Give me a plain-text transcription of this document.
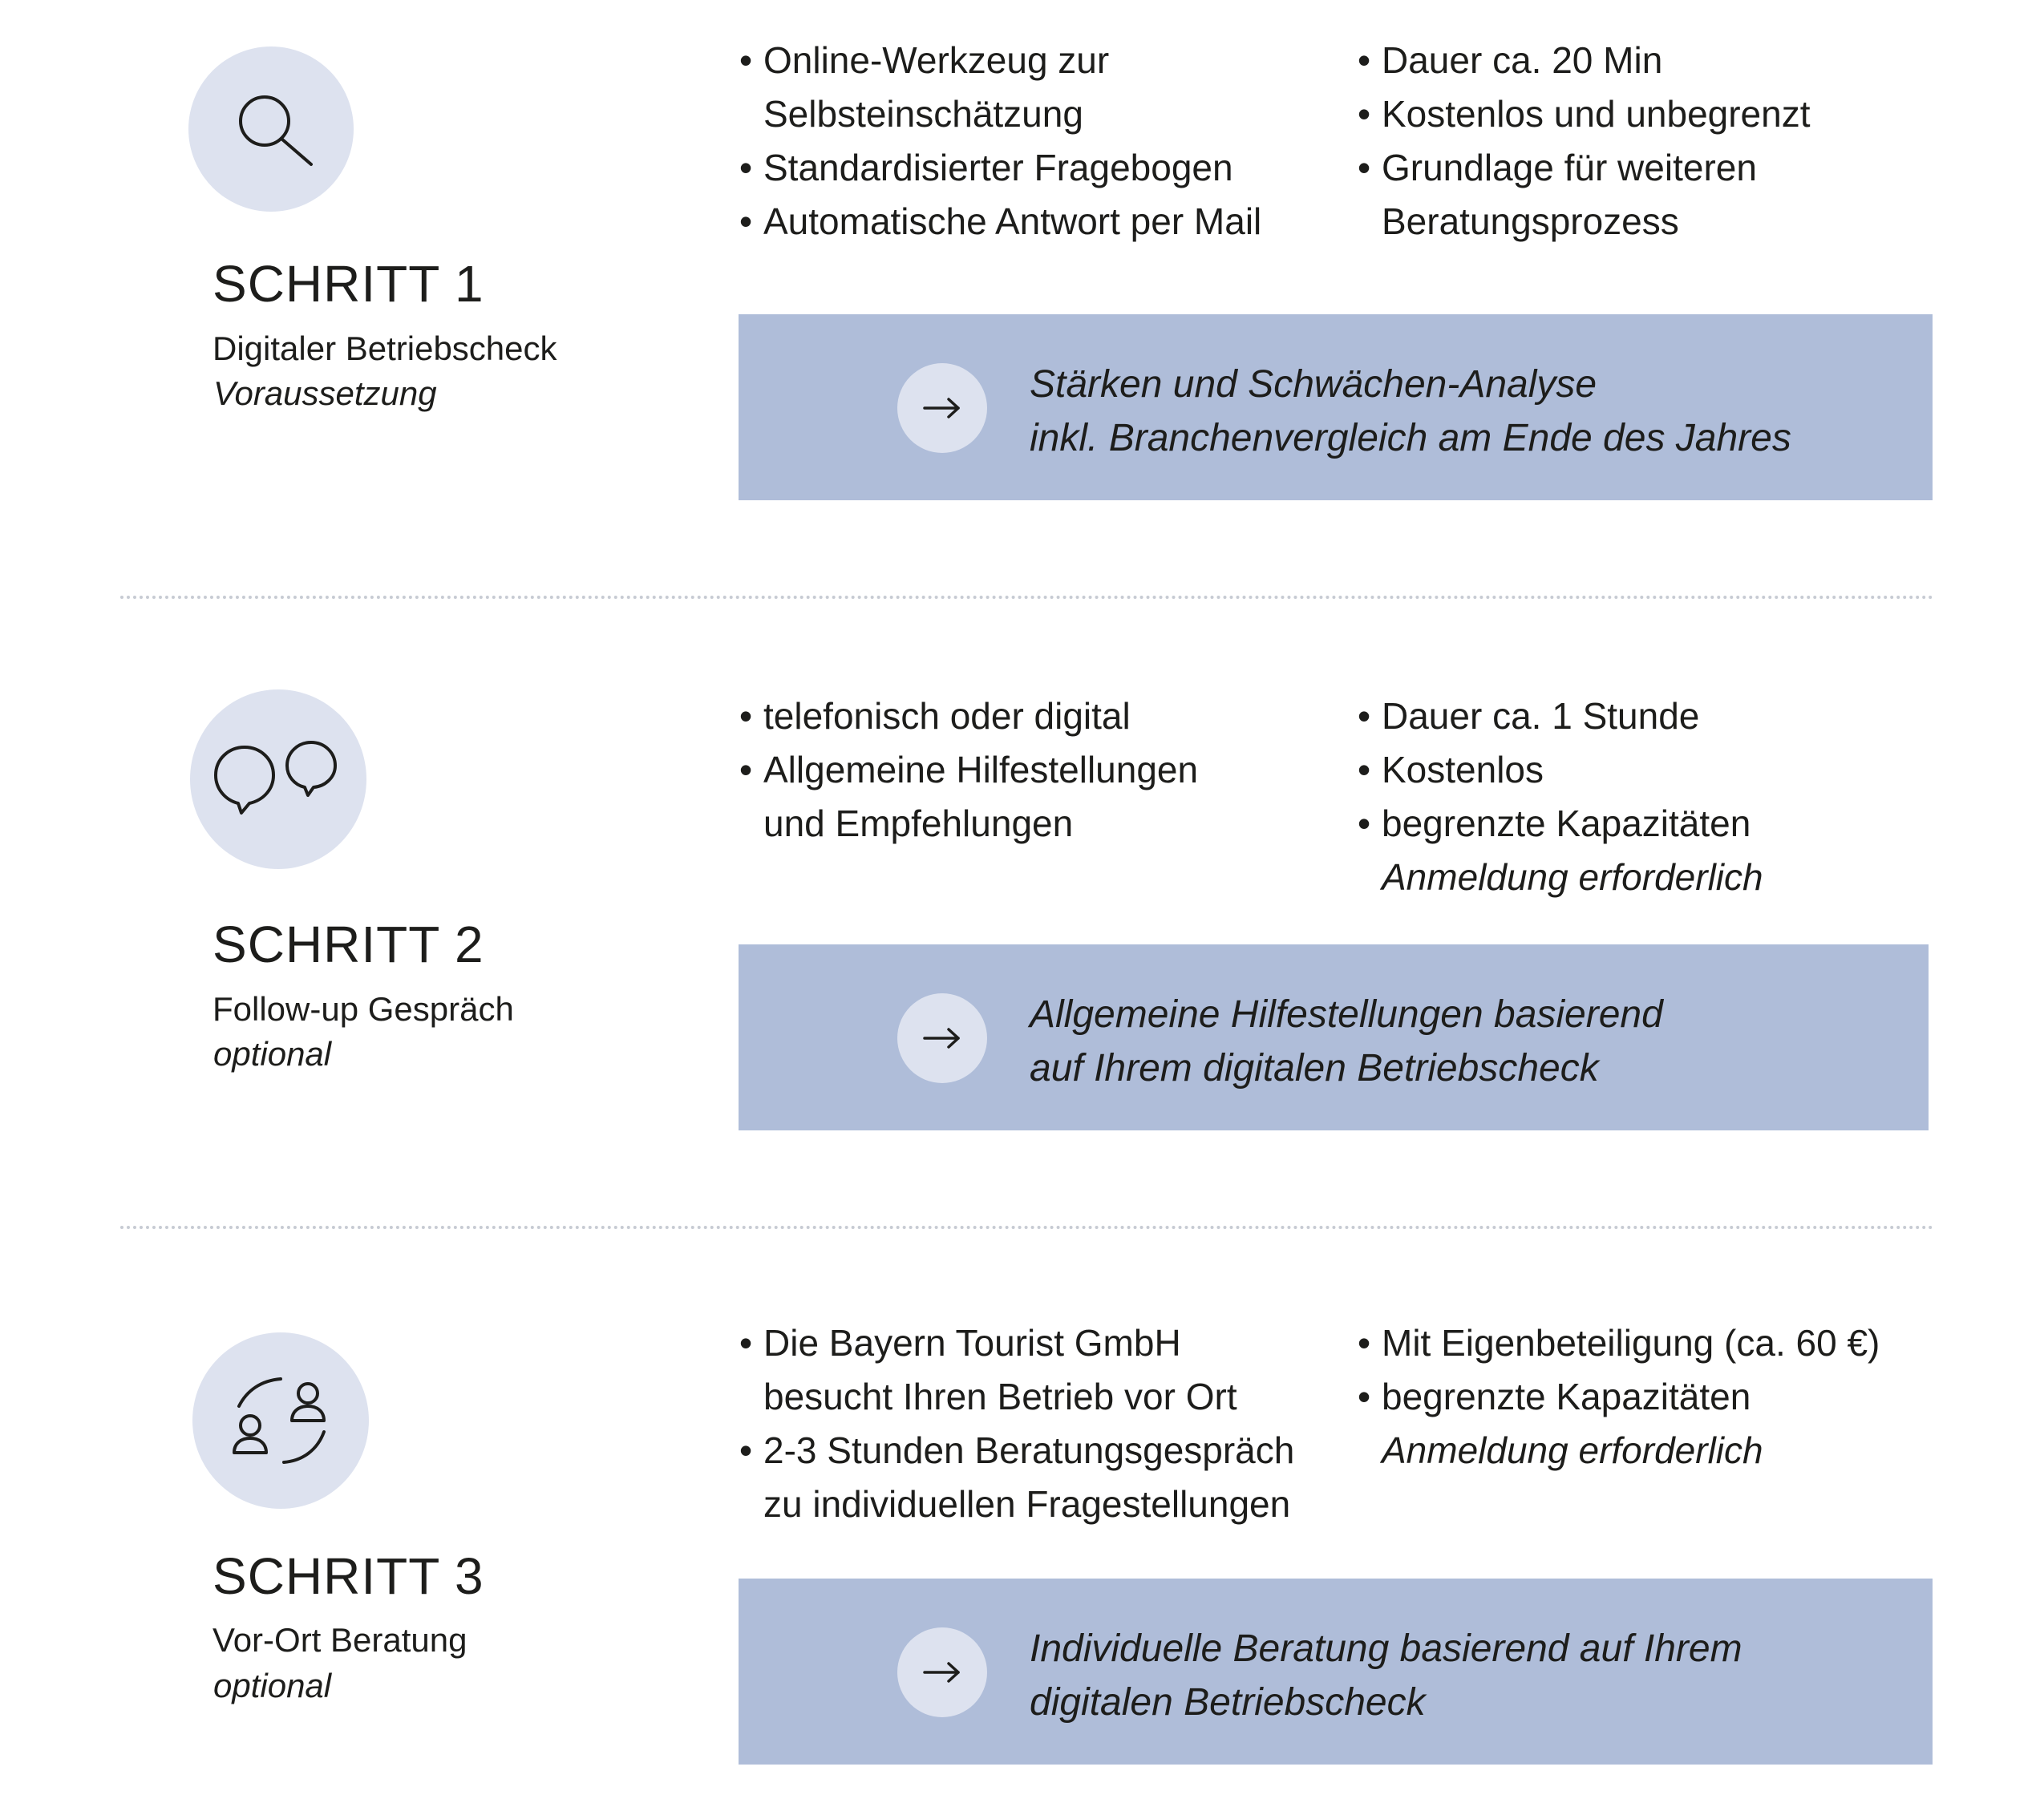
SCHRITT 1
Digitaler Betriebscheck
Voraussetzung
• Online-Werkzeug zur
Selbsteinschätzung
• Standardisierter Fragebogen
• Automatische Antwort per Mail
• Dauer ca. 20 Min
• Kostenlos und unbegrenzt
• Grundlage für weiteren
Beratungsprozess
Stärken und Schwächen-Analyse
inkl. Branchenvergleich am Ende des Jahres
SCHRITT 2
Follow-up Gespräch
optional
• telefonisch oder digital
• Allgemeine Hilfestellungen
und Empfehlungen
• Dauer ca. 1 Stunde
• Kostenlos
• begrenzte Kapazitäten
Anmeldung erforderlich
Allgemeine Hilfestellungen basierend
auf Ihrem digitalen Betriebscheck
SCHRITT 3
Vor-Ort Beratung
optional
• Die Bayern Tourist GmbH
besucht Ihren Betrieb vor Ort
• 2-3 Stunden Beratungsgespräch
zu individuellen Fragestellungen
• Mit Eigenbeteiligung (ca. 60 €)
• begrenzte Kapazitäten
Anmeldung erforderlich
Individuelle Beratung basierend auf Ihrem
digitalen Betriebscheck
